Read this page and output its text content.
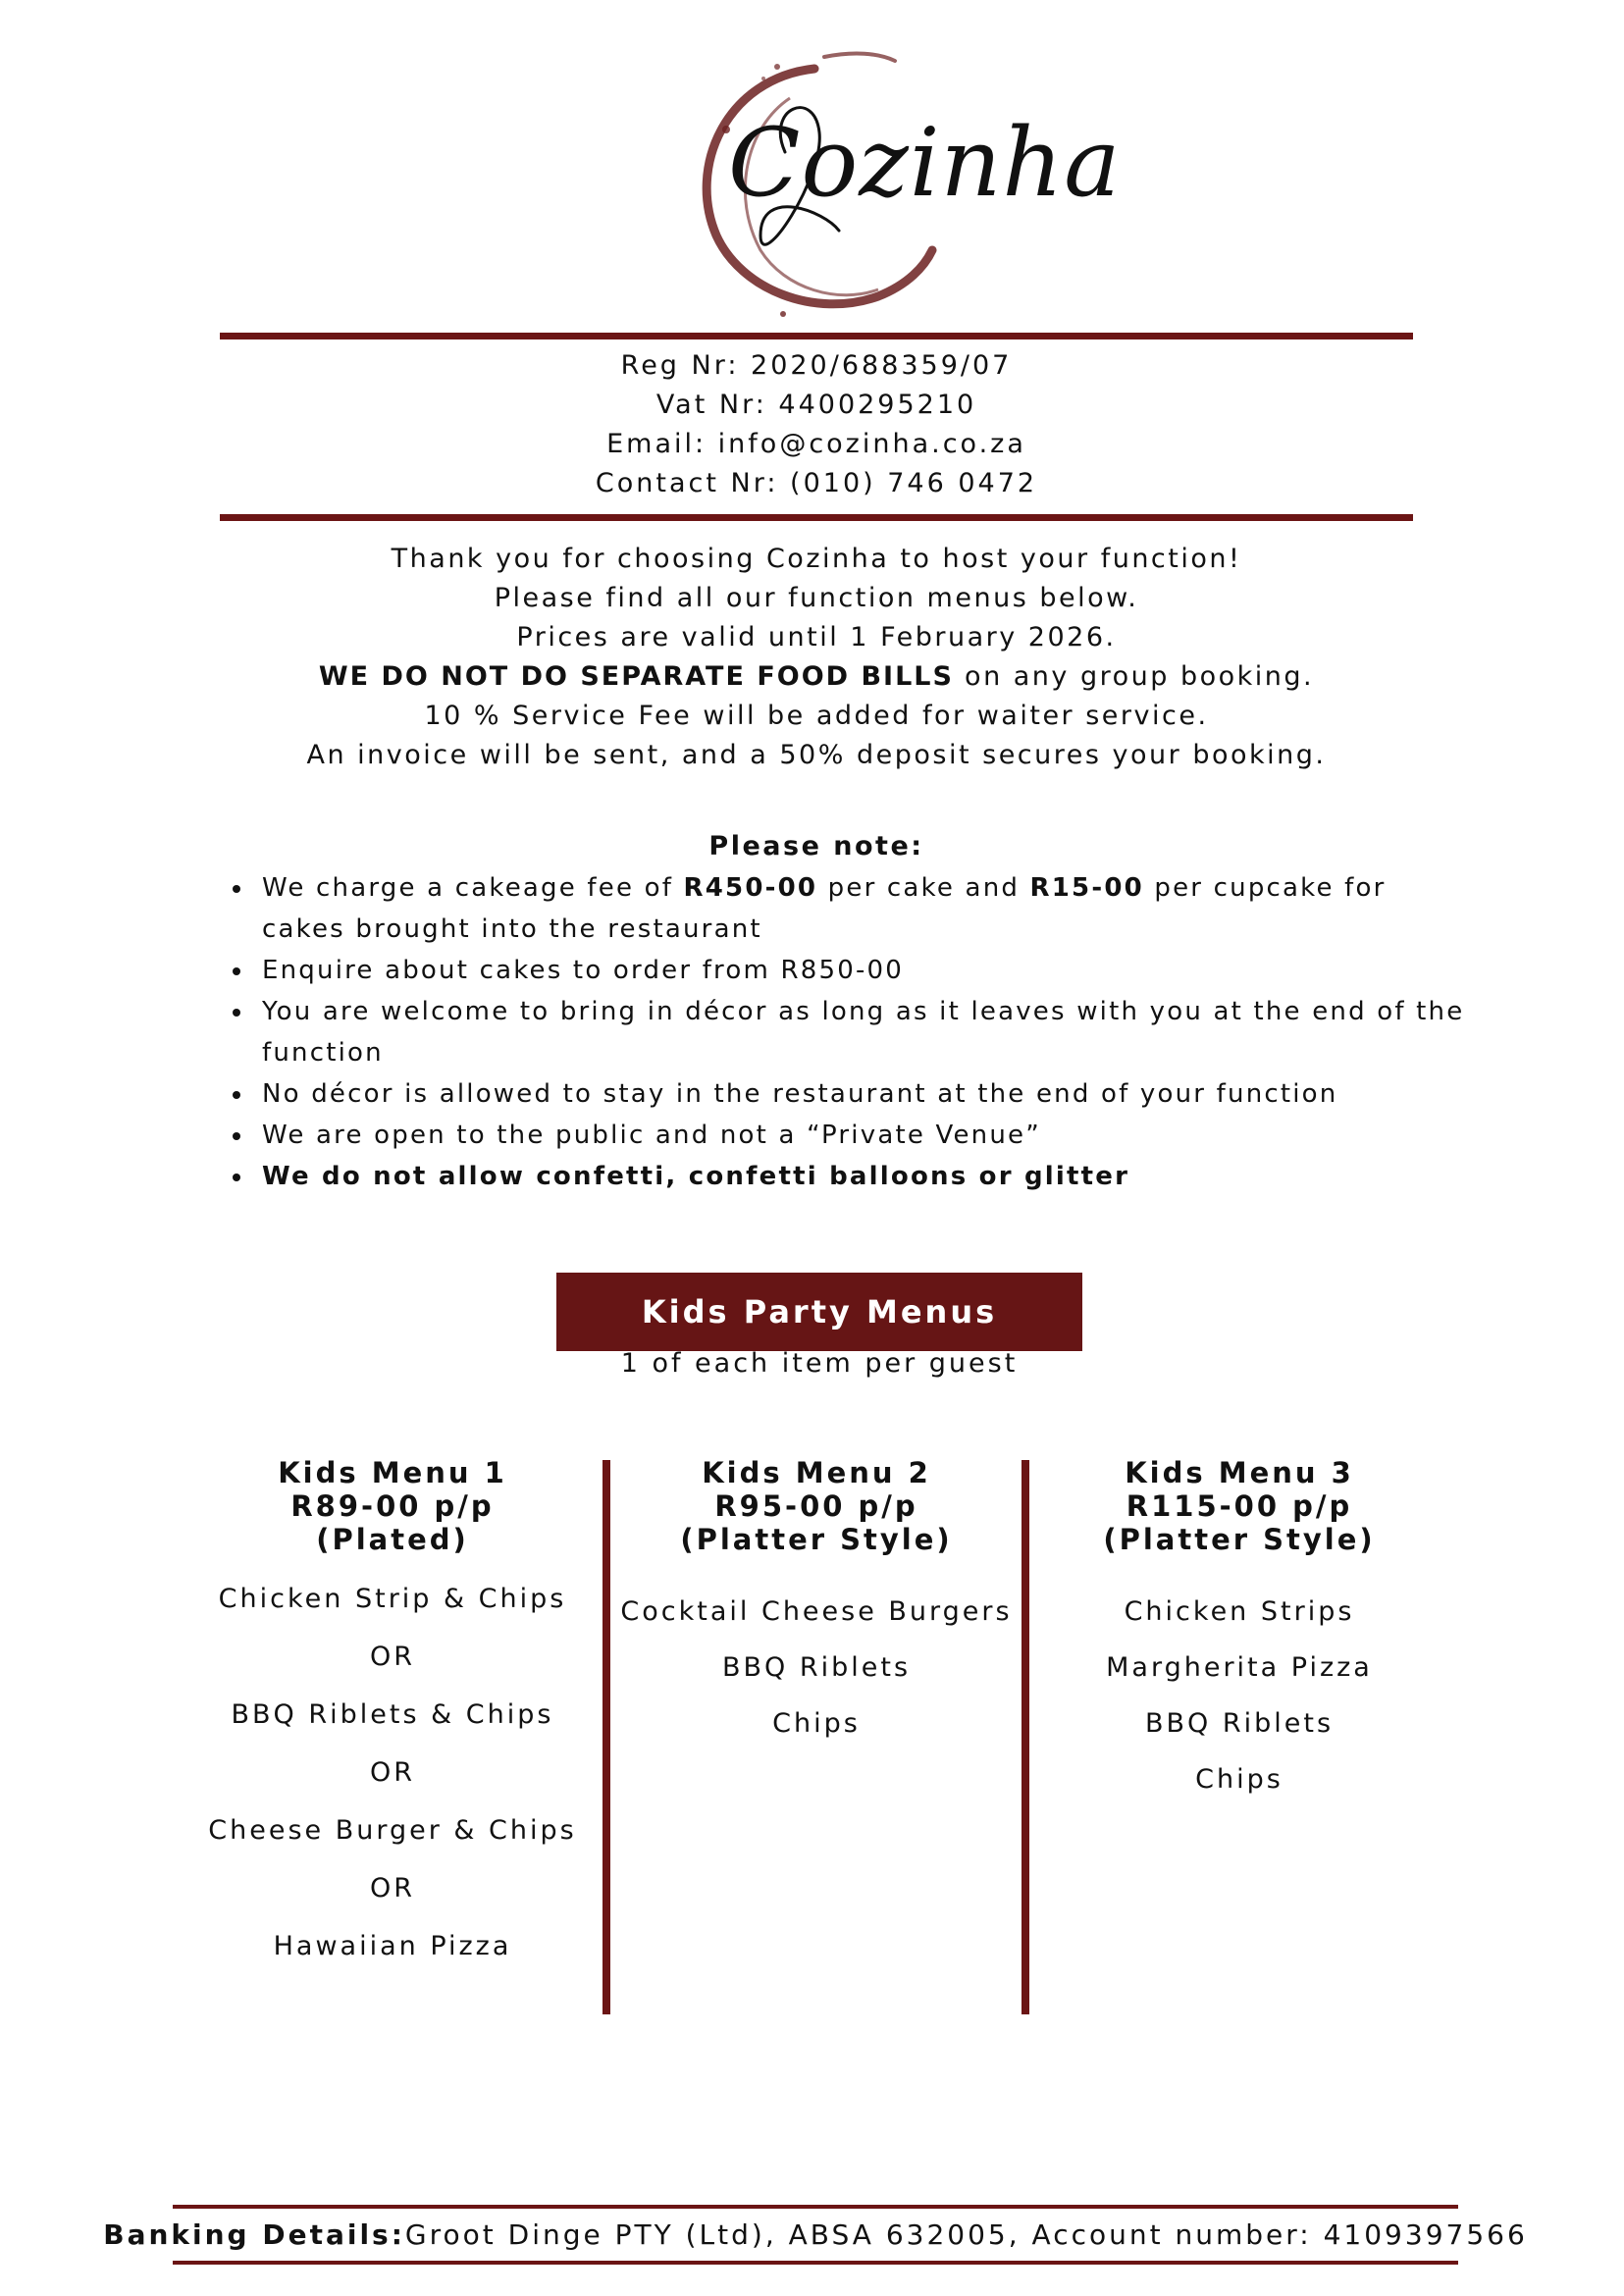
Cozinha

Reg Nr: 2020/688359/07

Vat Nr: 4400295210

Email: info@cozinha.co.za

Contact Nr: (010) 746 0472

Thank you for choosing Cozinha to host your function!

Please find all our function menus below.

Prices are valid until 1 February 2026.

WE DO NOT DO SEPARATE FOOD BILLS on any group booking.

10 % Service Fee will be added for waiter service.

An invoice will be sent, and a 50% deposit secures your booking.

Please note:
We charge a cakeage fee of R450-00 per cake and R15-00 per cupcake for cakes brought into the restaurant
Enquire about cakes to order from R850-00
You are welcome to bring in décor as long as it leaves with you at the end of the function
No décor is allowed to stay in the restaurant at the end of your function
We are open to the public and not a “Private Venue”
We do not allow confetti, confetti balloons or glitter
Kids Party Menus
1 of each item per guest
Kids Menu 1
R89-00 p/p
(Plated)
Chicken Strip & Chips
OR
BBQ Riblets & Chips
OR
Cheese Burger & Chips
OR
Hawaiian Pizza
Kids Menu 2
R95-00 p/p
(Platter Style)
Cocktail Cheese Burgers
BBQ Riblets
Chips
Kids Menu 3
R115-00 p/p
(Platter Style)
Chicken Strips
Margherita Pizza
BBQ Riblets
Chips
Banking Details: Groot Dinge PTY (Ltd), ABSA 632005, Account number: 4109397566
